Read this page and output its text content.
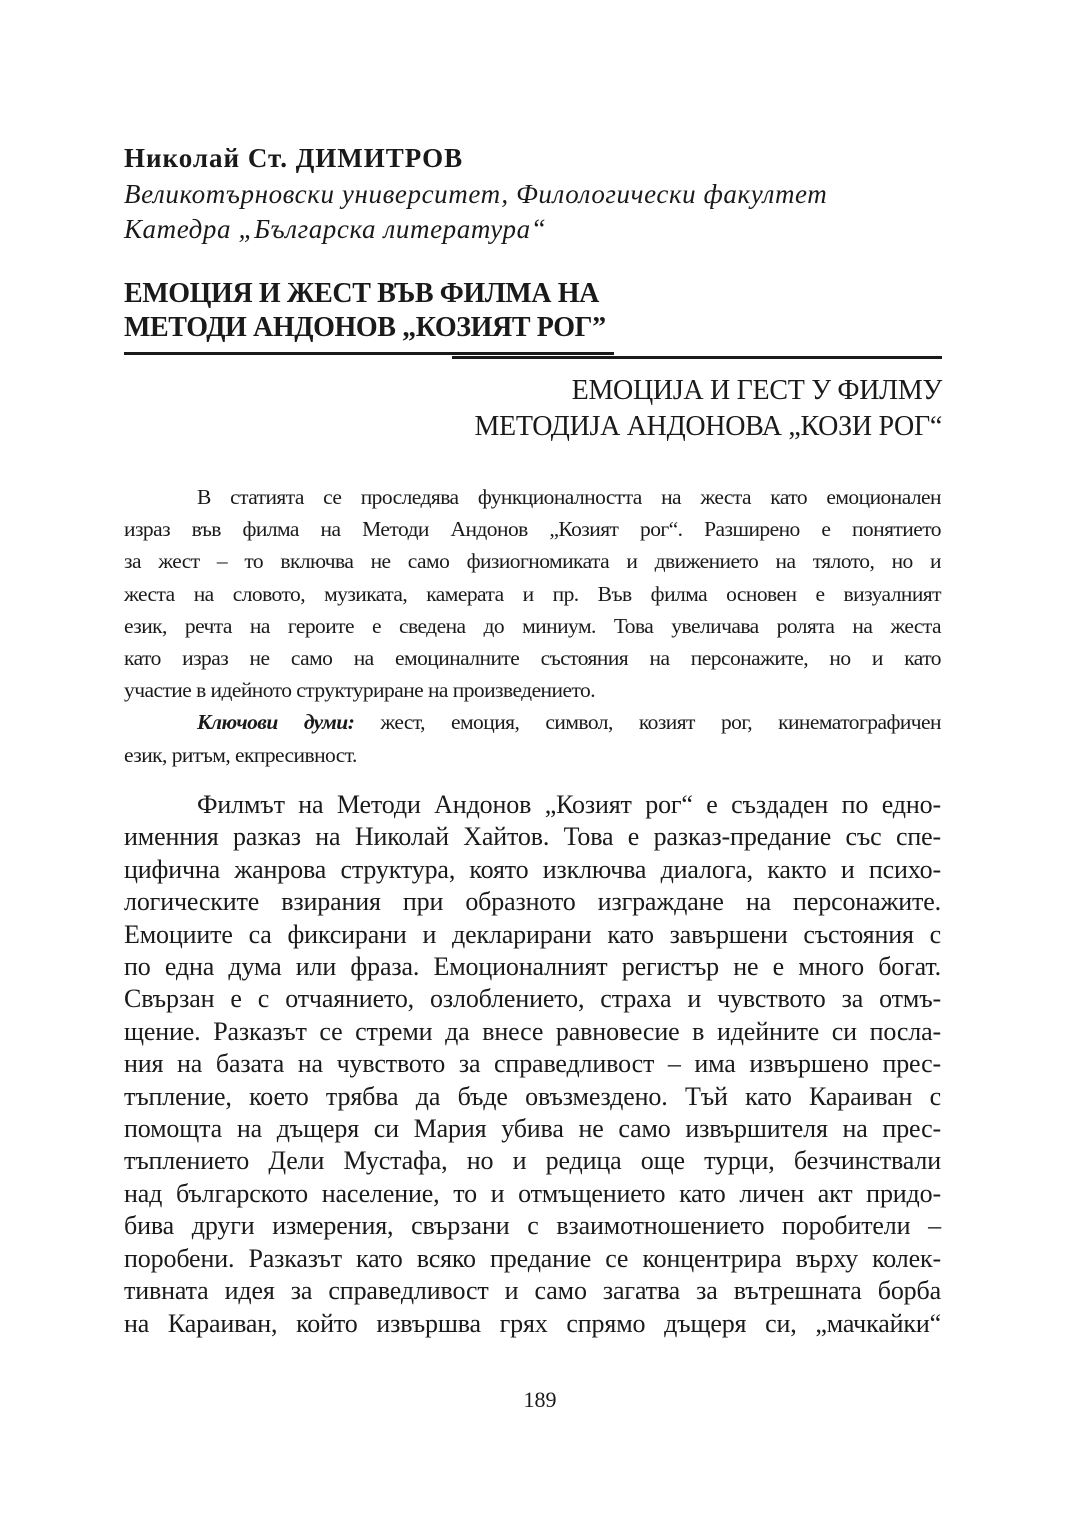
Николай Ст. ДИМИТРОВ

Великотърновски университет, Филологически факултет
Катедра „Българска литература“
ЕМОЦИЯ И ЖЕСТ ВЪВ ФИЛМА НА
МЕТОДИ АНДОНОВ „КОЗИЯТ РОГ”
ЕМОЦИЈА И ГЕСТ У ФИЛМУ
МЕТОДИЈА АНДОНОВА „КОЗИ РОГ“
В статията се проследява функционалността на жеста като емоционален
израз във филма на Методи Андонов „Козият рог“. Разширено е понятието
за жест – то включва не само физиогномиката и движението на тялото, но и
жеста на словото, музиката, камерата и пр. Във филма основен е визуалният
език, речта на героите е сведена до миниум. Това увеличава ролята на жеста
като израз не само на емоциналните състояния на персонажите, но и като
участие в идейното структуриране на произведението.
Ключови думи: жест, емоция, символ, козият рог, кинематографичен
език, ритъм, екпресивност.
Филмът на Методи Андонов „Козият рог“ е създаден по едно-
именния разказ на Николай Хайтов. Това е разказ-предание със спе-
цифична жанрова структура, която изключва диалога, както и психо-
логическите взирания при образното изграждане на персонажите.
Емоциите са фиксирани и декларирани като завършени състояния с
по една дума или фраза. Емоционалният регистър не е много богат.
Свързан е с отчаянието, озлоблението, страха и чувството за отмъ-
щение. Разказът се стреми да внесе равновесие в идейните си посла-
ния на базата на чувството за справедливост – има извършено прес-
тъпление, което трябва да бъде овъзмездено. Тъй като Караиван с
помощта на дъщеря си Мария убива не само извършителя на прес-
тъплението Дели Мустафа, но и редица още турци, безчинствали
над българското население, то и отмъщението като личен акт придо-
бива други измерения, свързани с взаимотношението поробители –
поробени. Разказът като всяко предание се концентрира върху колек-
тивната идея за справедливост и само загатва за вътрешната борба
на Караиван, който извършва грях спрямо дъщеря си, „мачкайки“

189
